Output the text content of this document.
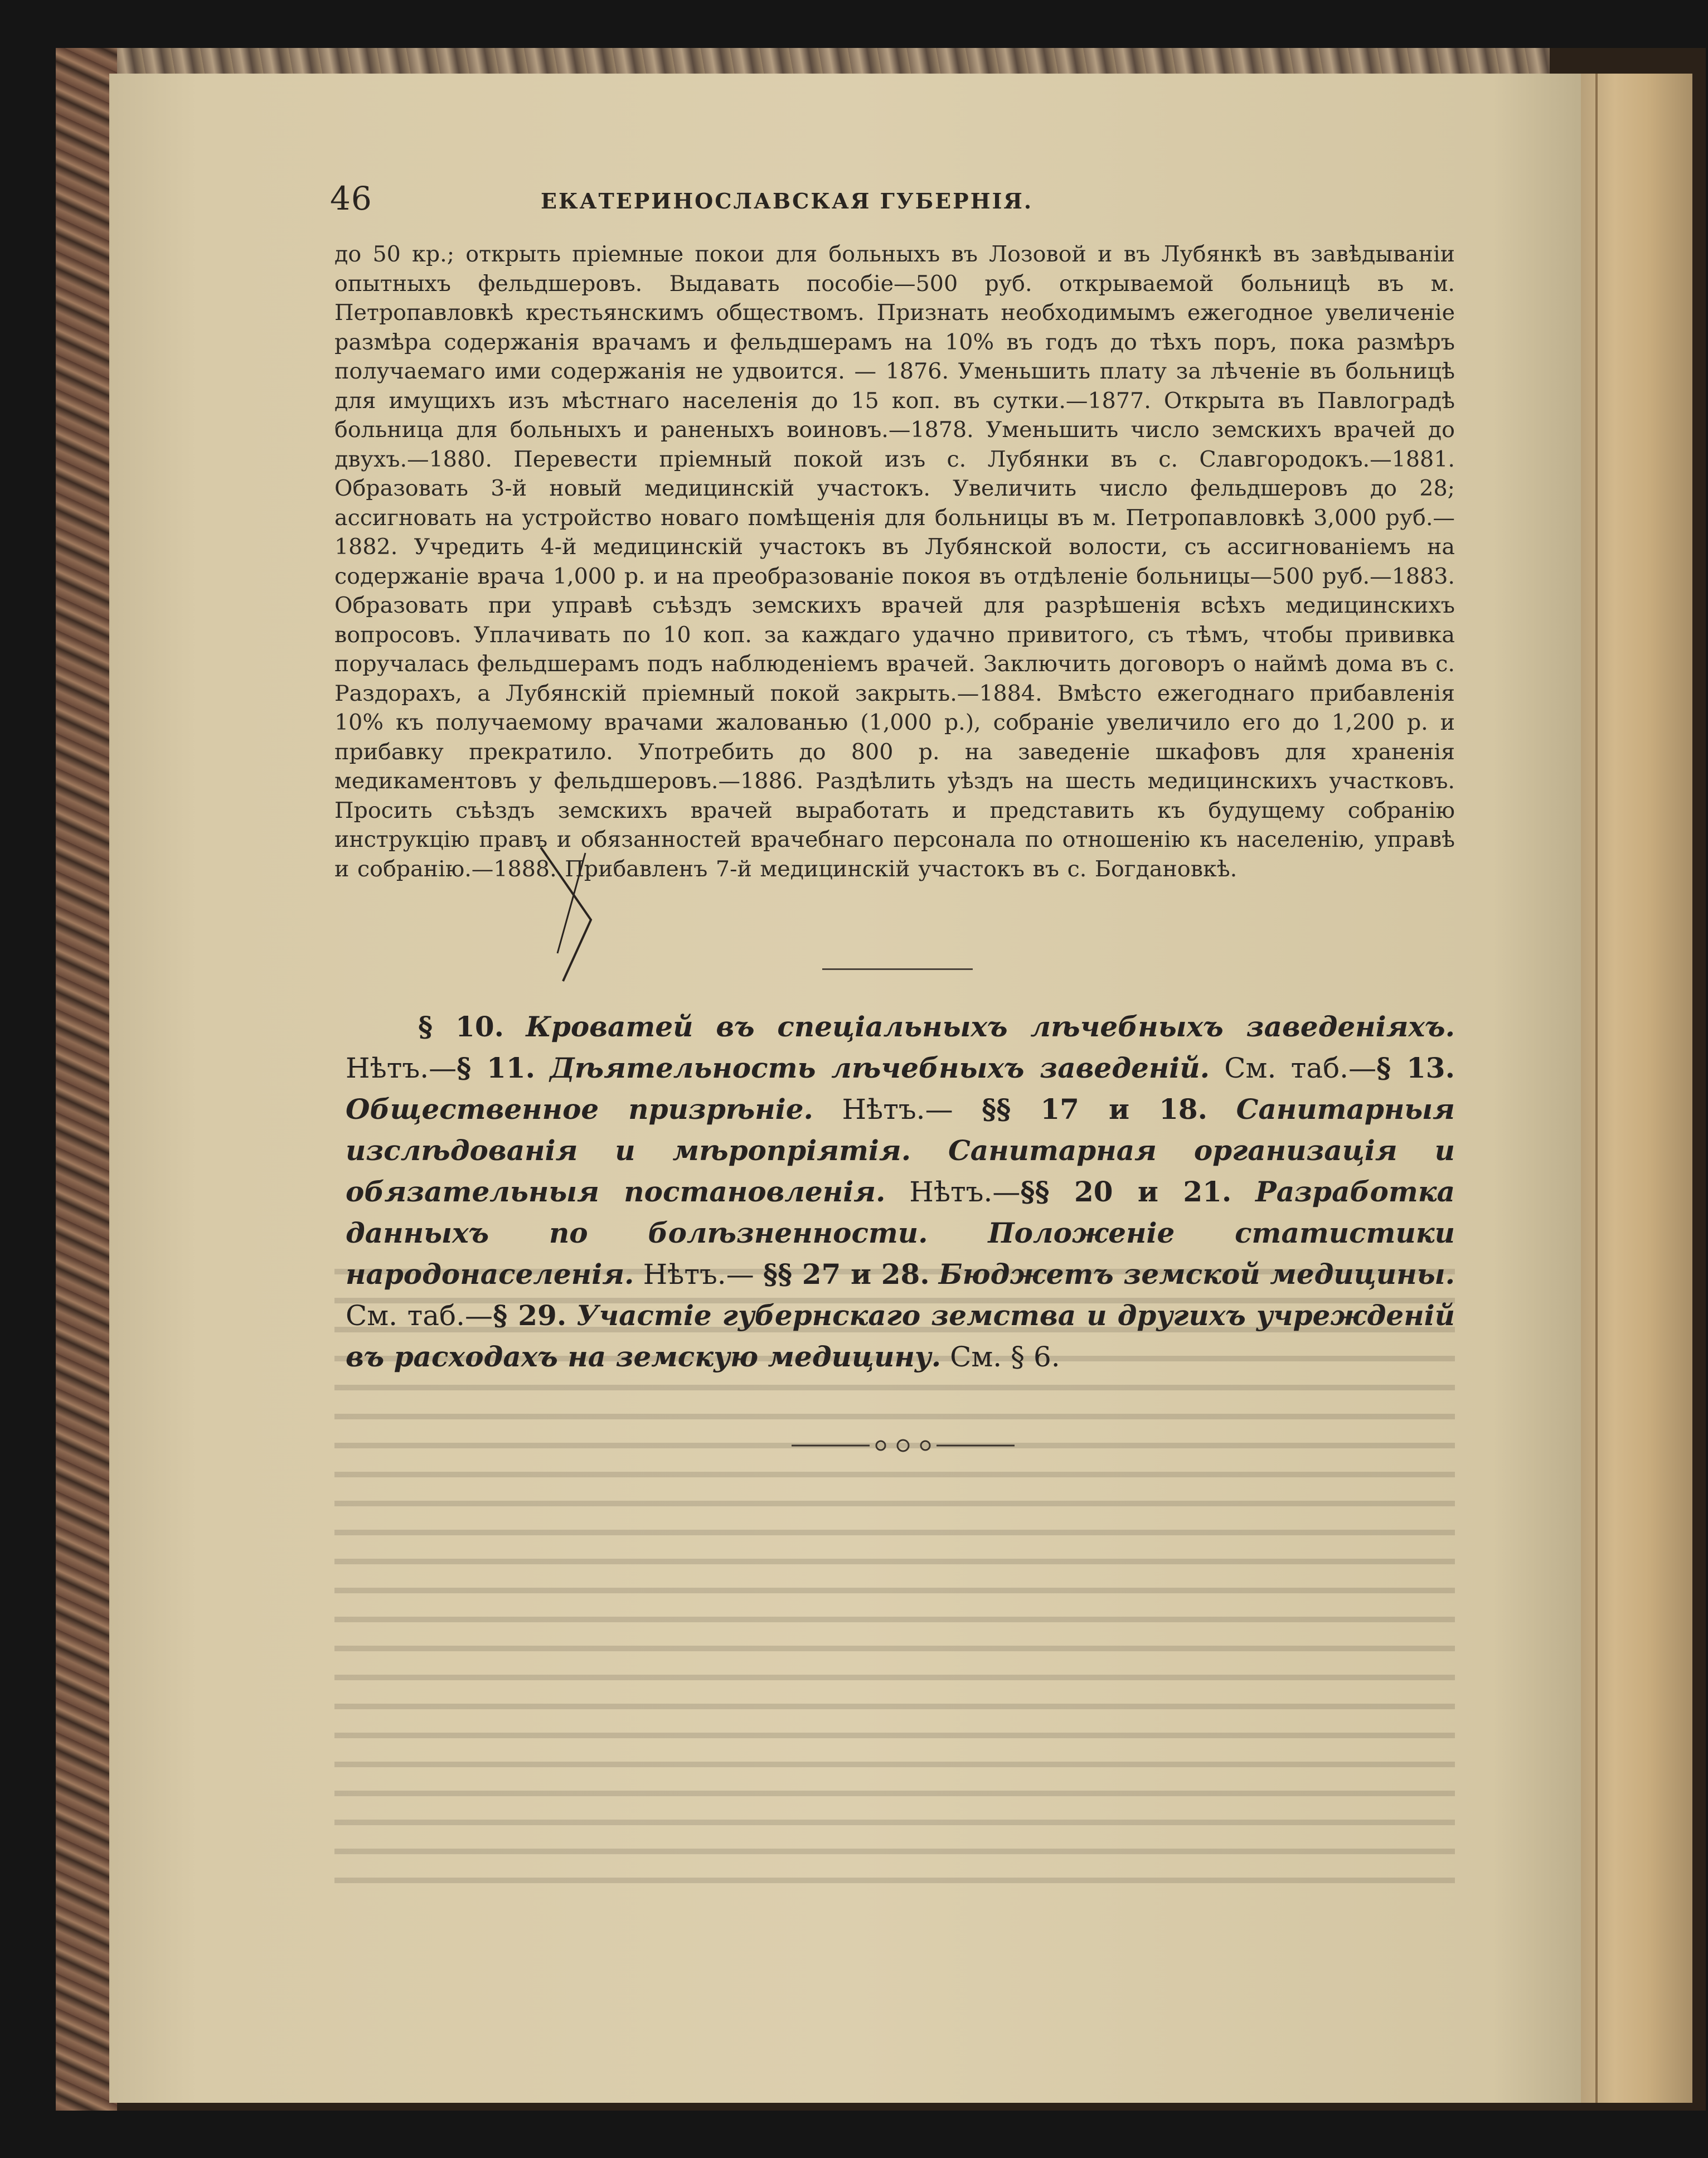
46	ЕКАТЕРИНОСЛАВСКАЯ ГУБЕРНІЯ.
до 50 кр.; открыть пріемные покои для больныхъ въ Лозовой и въ Лубянкѣ въ завѣдываніи опытныхъ фельдшеровъ. Выдавать пособіе—500 руб. открываемой больницѣ въ м. Петропавловкѣ крестьянскимъ обществомъ. Признать необходимымъ ежегодное увеличеніе размѣра содержанія врачамъ и фельдшерамъ на 10% въ годъ до тѣхъ поръ, пока размѣръ получаемаго ими содержанія не удвоится. — 1876. Уменьшить плату за лѣченіе въ больницѣ для имущихъ изъ мѣстнаго населенія до 15 коп. въ сутки.—1877. Открыта въ Павлоградѣ больница для больныхъ и раненыхъ воиновъ.—1878. Уменьшить число земскихъ врачей до двухъ.—1880. Перевести пріемный покой изъ с. Лубянки въ с. Славгородокъ.—1881. Образовать 3-й новый медицинскій участокъ. Увеличить число фельдшеровъ до 28; ассигновать на устройство новаго помѣщенія для больницы въ м. Петропавловкѣ 3,000 руб.—1882. Учредить 4-й медицинскій участокъ въ Лубянской волости, съ ассигнованіемъ на содержаніе врача 1,000 р. и на преобразованіе покоя въ отдѣленіе больницы—500 руб.—1883. Образовать при управѣ съѣздъ земскихъ врачей для разрѣшенія всѣхъ медицинскихъ вопросовъ. Уплачивать по 10 коп. за каждаго удачно привитого, съ тѣмъ, чтобы прививка поручалась фельдшерамъ подъ наблюденіемъ врачей. Заключить договоръ о наймѣ дома въ с. Раздорахъ, а Лубянскій пріемный покой закрыть.—1884. Вмѣсто ежегоднаго прибавленія 10% къ получаемому врачами жалованью (1,000 р.), собраніе увеличило его до 1,200 р. и прибавку прекратило. Употребить до 800 р. на заведеніе шкафовъ для храненія медикаментовъ у фельдшеровъ.—1886. Раздѣлить уѣздъ на шесть медицинскихъ участковъ. Просить съѣздъ земскихъ врачей выработать и представить къ будущему собранію инструкцію правъ и обязанностей врачебнаго персонала по отношенію къ населенію, управѣ и собранію.—1888. Прибавленъ 7-й медицинскій участокъ въ с. Богдановкѣ.
§ 10. Кроватей въ спеціальныхъ лѣчебныхъ заведеніяхъ. Нѣтъ.—§ 11. Дѣятельность лѣчебныхъ заведеній. См. таб.—§ 13. Общественное призрѣніе. Нѣтъ.— §§ 17 и 18. Санитарныя изслѣдованія и мѣропріятія. Санитарная организація и обязательныя постановленія. Нѣтъ.—§§ 20 и 21. Разработка данныхъ по болѣзненности. Положеніе статистики народонаселенія. Нѣтъ.— §§ 27 и 28. Бюджетъ земской медицины. См. таб.—§ 29. Участіе губернскаго земства и другихъ учрежденій въ расходахъ на земскую медицину. См. § 6.
